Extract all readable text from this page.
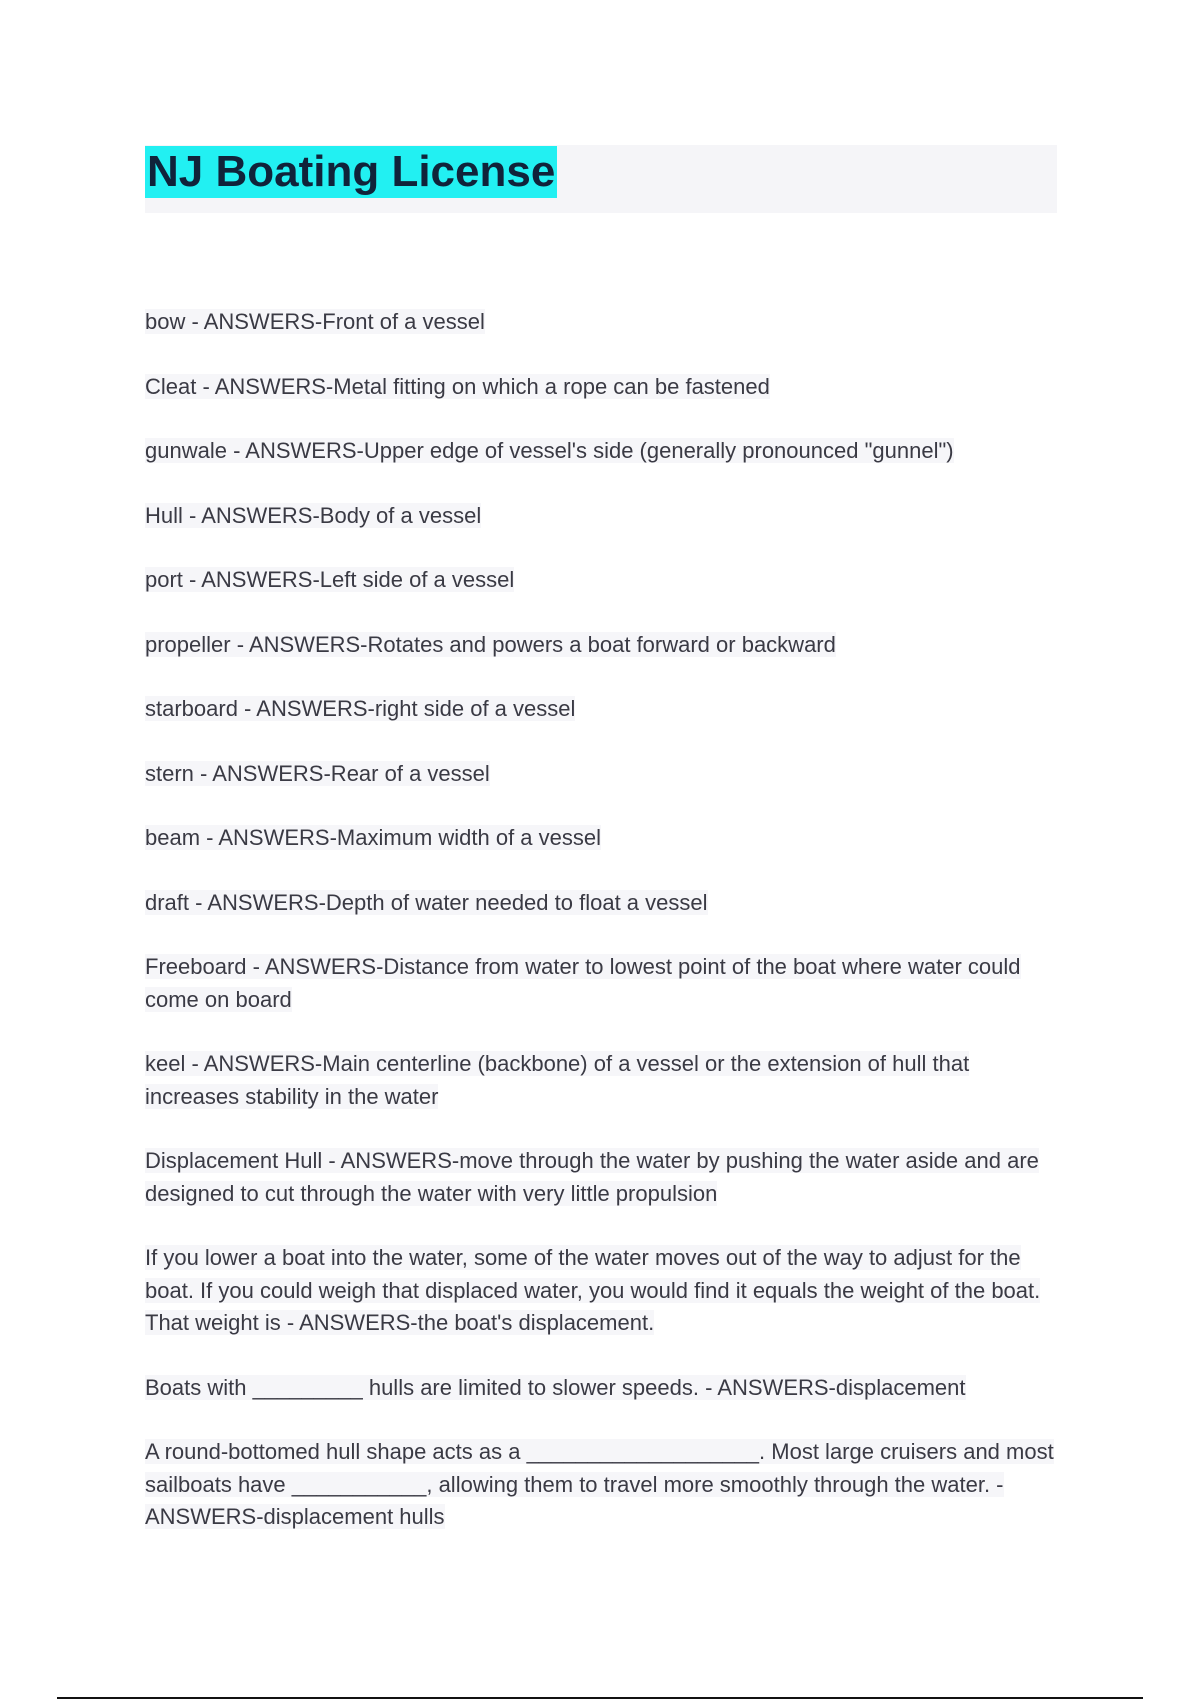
NJ Boating License
bow - ANSWERS-Front of a vessel
Cleat - ANSWERS-Metal fitting on which a rope can be fastened
gunwale - ANSWERS-Upper edge of vessel's side (generally pronounced "gunnel")
Hull - ANSWERS-Body of a vessel
port - ANSWERS-Left side of a vessel
propeller - ANSWERS-Rotates and powers a boat forward or backward
starboard - ANSWERS-right side of a vessel
stern - ANSWERS-Rear of a vessel
beam - ANSWERS-Maximum width of a vessel
draft - ANSWERS-Depth of water needed to float a vessel
Freeboard - ANSWERS-Distance from water to lowest point of the boat where water could come on board
keel - ANSWERS-Main centerline (backbone) of a vessel or the extension of hull that increases stability in the water
Displacement Hull - ANSWERS-move through the water by pushing the water aside and are designed to cut through the water with very little propulsion
If you lower a boat into the water, some of the water moves out of the way to adjust for the boat. If you could weigh that displaced water, you would find it equals the weight of the boat. That weight is - ANSWERS-the boat's displacement.
Boats with _________ hulls are limited to slower speeds. - ANSWERS-displacement
A round-bottomed hull shape acts as a ___________________. Most large cruisers and most sailboats have ___________, allowing them to travel more smoothly through the water. - ANSWERS-displacement hulls
